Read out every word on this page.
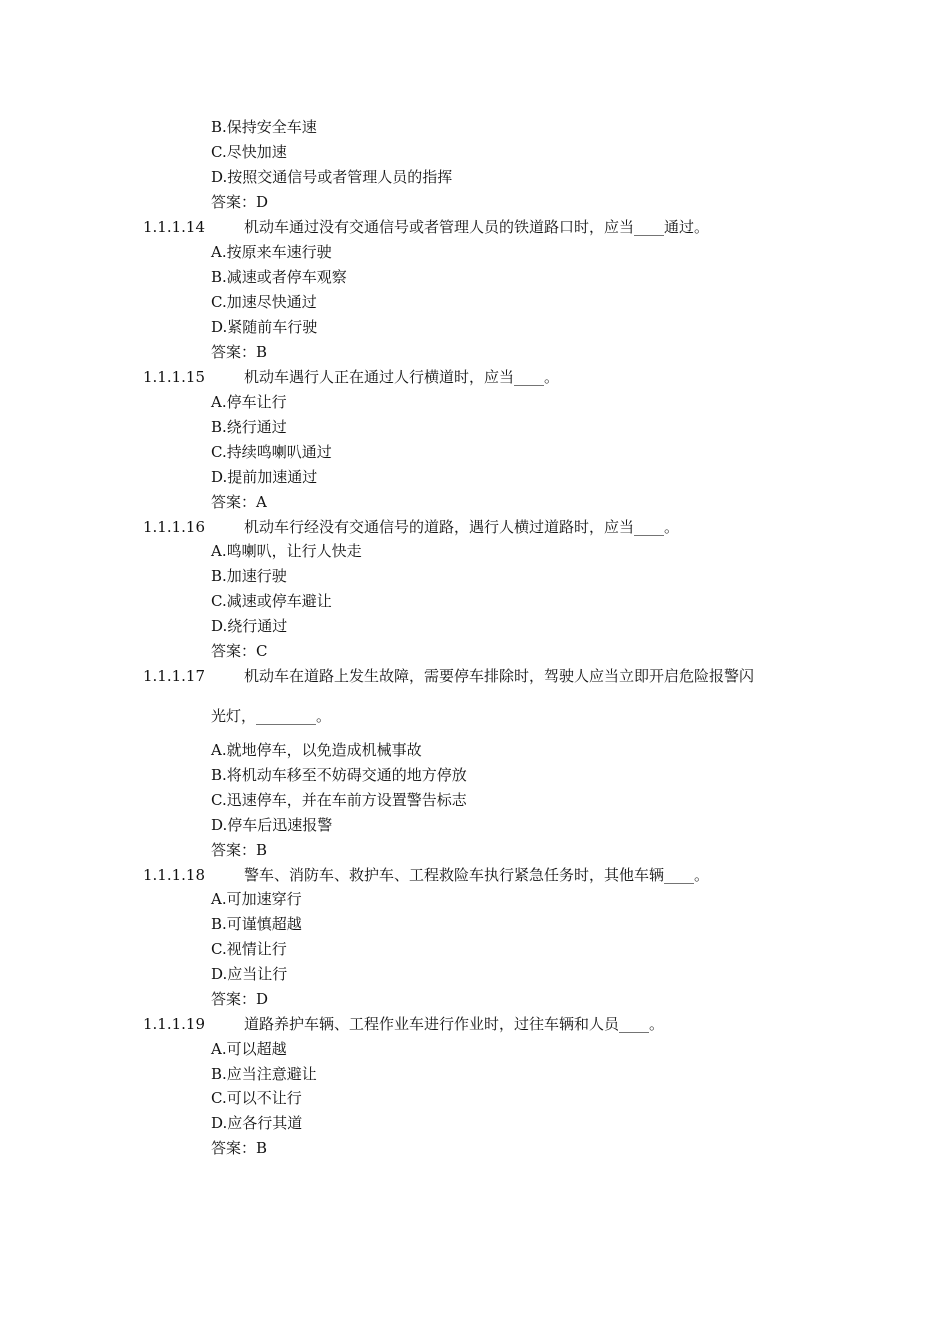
B.保持安全车速
C.尽快加速
D.按照交通信号或者管理人员的指挥
答案：D
1.1.1.14	机动车通过没有交通信号或者管理人员的铁道路口时，应当____通过。
A.按原来车速行驶
B.减速或者停车观察
C.加速尽快通过
D.紧随前车行驶
答案：B
1.1.1.15	机动车遇行人正在通过人行横道时，应当____。
A.停车让行
B.绕行通过
C.持续鸣喇叭通过
D.提前加速通过
答案：A
1.1.1.16	机动车行经没有交通信号的道路，遇行人横过道路时，应当____。
A.鸣喇叭，让行人快走
B.加速行驶
C.减速或停车避让
D.绕行通过
答案：C
1.1.1.17	机动车在道路上发生故障，需要停车排除时，驾驶人应当立即开启危险报警闪
光灯，________。
A.就地停车，以免造成机械事故
B.将机动车移至不妨碍交通的地方停放
C.迅速停车，并在车前方设置警告标志
D.停车后迅速报警
答案：B
1.1.1.18	警车、消防车、救护车、工程救险车执行紧急任务时，其他车辆____。
A.可加速穿行
B.可谨慎超越
C.视情让行
D.应当让行
答案：D
1.1.1.19	道路养护车辆、工程作业车进行作业时，过往车辆和人员____。
A.可以超越
B.应当注意避让
C.可以不让行
D.应各行其道
答案：B
